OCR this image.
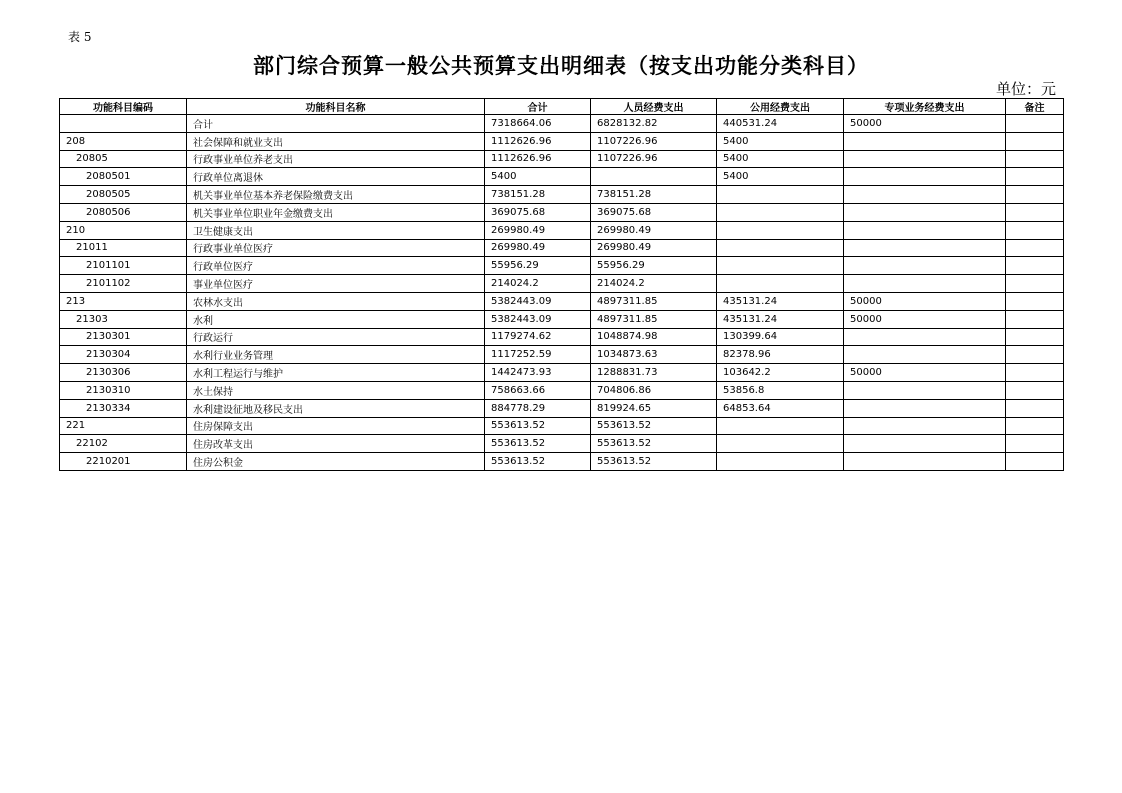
表 5
部门综合预算一般公共预算支出明细表（按支出功能分类科目）
单位：元
功能科目编码	功能科目名称	合计	人员经费支出	公用经费支出	专项业务经费支出	备注
	合计	7318664.06	6828132.82	440531.24	50000	
208	社会保障和就业支出	1112626.96	1107226.96	5400		
20805	行政事业单位养老支出	1112626.96	1107226.96	5400		
2080501	行政单位离退休	5400		5400		
2080505	机关事业单位基本养老保险缴费支出	738151.28	738151.28			
2080506	机关事业单位职业年金缴费支出	369075.68	369075.68			
210	卫生健康支出	269980.49	269980.49			
21011	行政事业单位医疗	269980.49	269980.49			
2101101	行政单位医疗	55956.29	55956.29			
2101102	事业单位医疗	214024.2	214024.2			
213	农林水支出	5382443.09	4897311.85	435131.24	50000	
21303	水利	5382443.09	4897311.85	435131.24	50000	
2130301	行政运行	1179274.62	1048874.98	130399.64		
2130304	水利行业业务管理	1117252.59	1034873.63	82378.96		
2130306	水利工程运行与维护	1442473.93	1288831.73	103642.2	50000	
2130310	水土保持	758663.66	704806.86	53856.8		
2130334	水利建设征地及移民支出	884778.29	819924.65	64853.64		
221	住房保障支出	553613.52	553613.52			
22102	住房改革支出	553613.52	553613.52			
2210201	住房公积金	553613.52	553613.52			
